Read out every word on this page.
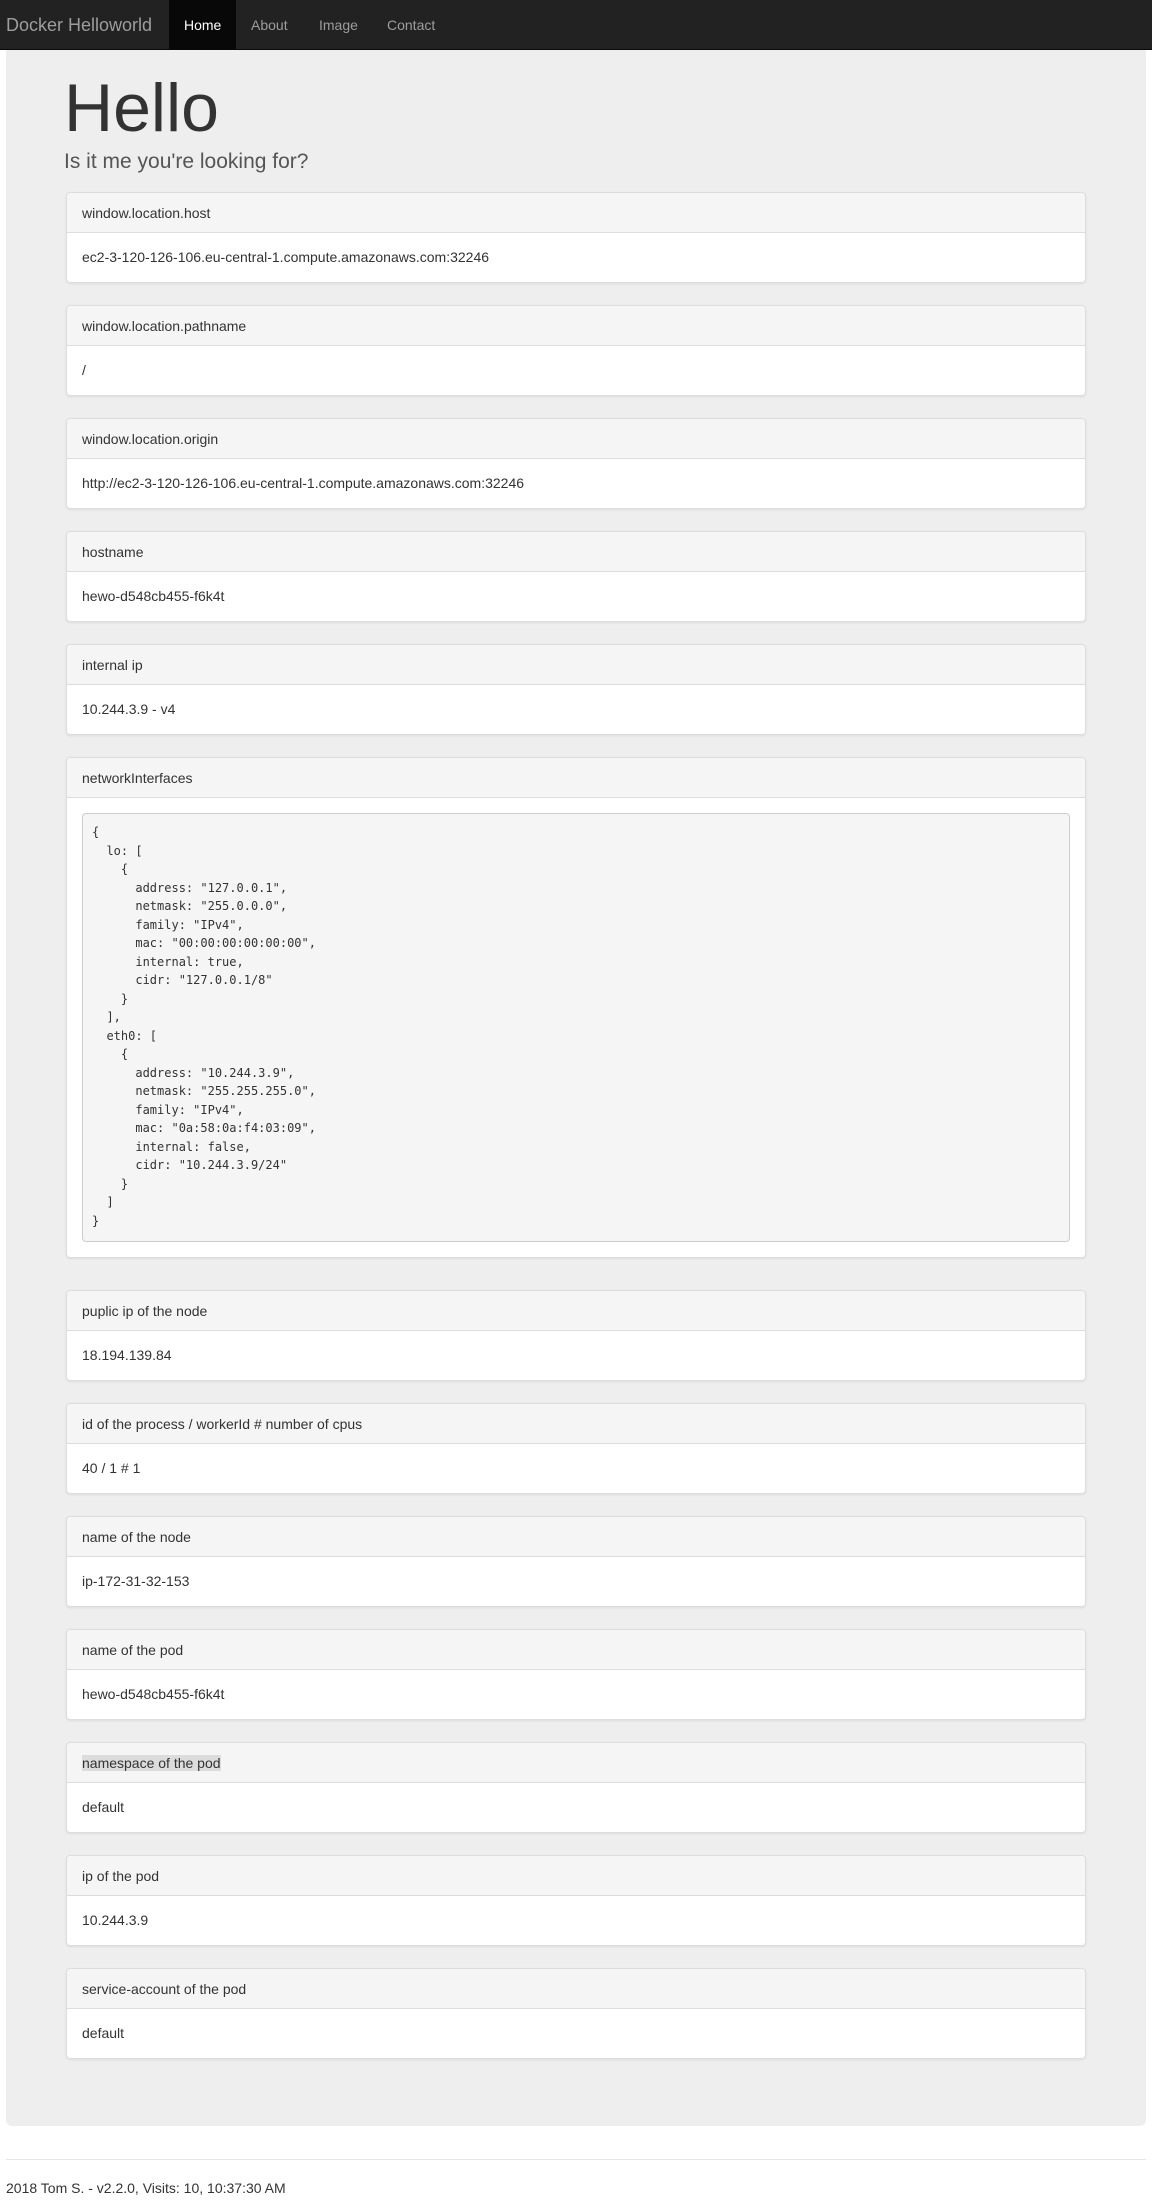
Docker Helloworld	Home	About	Image	Contact
Hello
Is it me you're looking for?
window.location.host
ec2-3-120-126-106.eu-central-1.compute.amazonaws.com:32246
window.location.pathname
/
window.location.origin
http://ec2-3-120-126-106.eu-central-1.compute.amazonaws.com:32246
hostname
hewo-d548cb455-f6k4t
internal ip
10.244.3.9 - v4
networkInterfaces
{
lo: [
{
address: "127.0.0.1",
netmask: "255.0.0.0",
family: "IPv4",
mac: "00:00:00:00:00:00",
internal: true,
cidr: "127.0.0.1/8"
}
],
eth0: [
{
address: "10.244.3.9",
netmask: "255.255.255.0",
family: "IPv4",
mac: "0a:58:0a:f4:03:09",
internal: false,
cidr: "10.244.3.9/24"
}
]
}
puplic ip of the node
18.194.139.84
id of the process / workerId # number of cpus
40 / 1 # 1
name of the node
ip-172-31-32-153
name of the pod
hewo-d548cb455-f6k4t
namespace of the pod
default
ip of the pod
10.244.3.9
service-account of the pod
default
2018 Tom S. - v2.2.0, Visits: 10, 10:37:30 AM
